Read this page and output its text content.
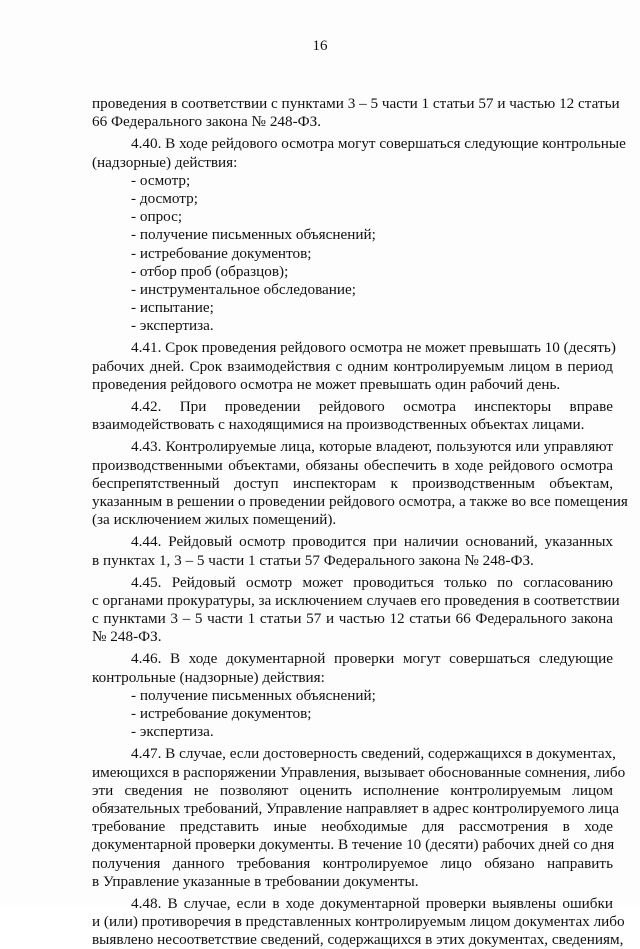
16
проведения в соответствии с пунктами 3 – 5 части 1 статьи 57 и частью 12 статьи
66 Федерального закона № 248-ФЗ.
4.40. В ходе рейдового осмотра могут совершаться следующие контрольные
(надзорные) действия:
- осмотр;
- досмотр;
- опрос;
- получение письменных объяснений;
- истребование документов;
- отбор проб (образцов);
- инструментальное обследование;
- испытание;
- экспертиза.
4.41. Срок проведения рейдового осмотра не может превышать 10 (десять)
рабочих дней. Срок взаимодействия с одним контролируемым лицом в период
проведения рейдового осмотра не может превышать один рабочий день.
4.42. При проведении рейдового осмотра инспекторы вправе
взаимодействовать с находящимися на производственных объектах лицами.
4.43. Контролируемые лица, которые владеют, пользуются или управляют
производственными объектами, обязаны обеспечить в ходе рейдового осмотра
беспрепятственный доступ инспекторам к производственным объектам,
указанным в решении о проведении рейдового осмотра, а также во все помещения
(за исключением жилых помещений).
4.44. Рейдовый осмотр проводится при наличии оснований, указанных
в пунктах 1, 3 – 5 части 1 статьи 57 Федерального закона № 248-ФЗ.
4.45. Рейдовый осмотр может проводиться только по согласованию
с органами прокуратуры, за исключением случаев его проведения в соответствии
с пунктами 3 – 5 части 1 статьи 57 и частью 12 статьи 66 Федерального закона
№ 248-ФЗ.
4.46. В ходе документарной проверки могут совершаться следующие
контрольные (надзорные) действия:
- получение письменных объяснений;
- истребование документов;
- экспертиза.
4.47. В случае, если достоверность сведений, содержащихся в документах,
имеющихся в распоряжении Управления, вызывает обоснованные сомнения, либо
эти сведения не позволяют оценить исполнение контролируемым лицом
обязательных требований, Управление направляет в адрес контролируемого лица
требование представить иные необходимые для рассмотрения в ходе
документарной проверки документы. В течение 10 (десяти) рабочих дней со дня
получения данного требования контролируемое лицо обязано направить
в Управление указанные в требовании документы.
4.48. В случае, если в ходе документарной проверки выявлены ошибки
и (или) противоречия в представленных контролируемым лицом документах либо
выявлено несоответствие сведений, содержащихся в этих документах, сведениям,
